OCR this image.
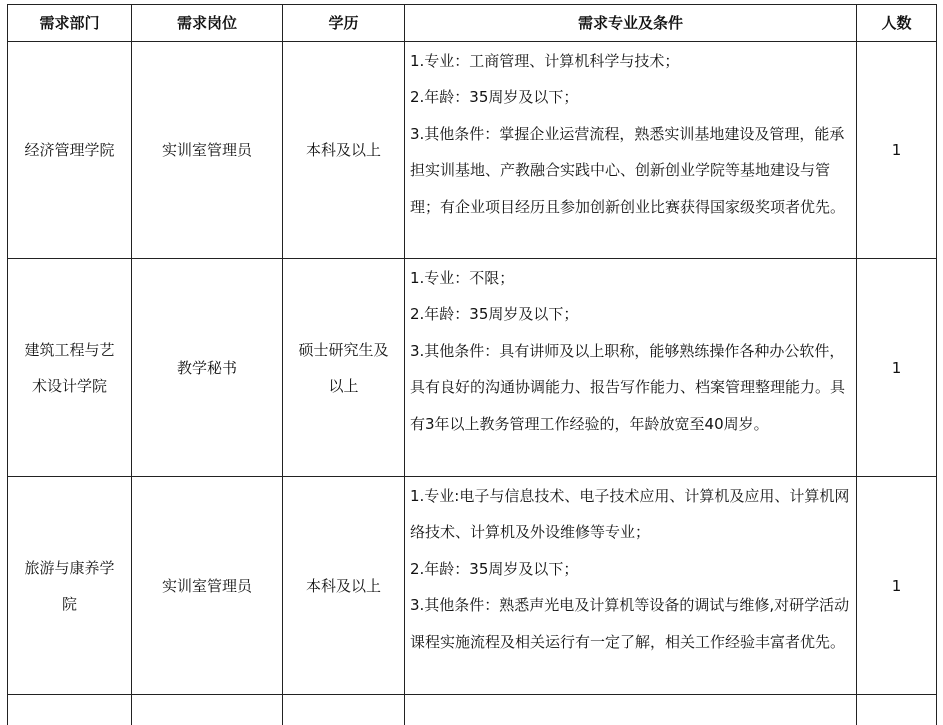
需求部门	需求岗位	学历	需求专业及条件	人数

经济管理学院	实训室管理员	本科及以上	1.专业：工商管理、计算机科学与技术；

2.年龄：35周岁及以下；

3.其他条件：掌握企业运营流程，熟悉实训基地建设及管理，能承担实训基地、产教融合实践中心、创新创业学院等基地建设与管理；有企业项目经历且参加创新创业比赛获得国家级奖项者优先。	1

建筑工程与艺术设计学院	教学秘书	硕士研究生及以上	1.专业：不限；

2.年龄：35周岁及以下；

3.其他条件：具有讲师及以上职称，能够熟练操作各种办公软件，具有良好的沟通协调能力、报告写作能力、档案管理整理能力。具有3年以上教务管理工作经验的，年龄放宽至40周岁。	1

旅游与康养学院	实训室管理员	本科及以上	1.专业:电子与信息技术、电子技术应用、计算机及应用、计算机网络技术、计算机及外设维修等专业；

2.年龄：35周岁及以下；

3.其他条件：熟悉声光电及计算机等设备的调试与维修,对研学活动课程实施流程及相关运行有一定了解，相关工作经验丰富者优先。	1
